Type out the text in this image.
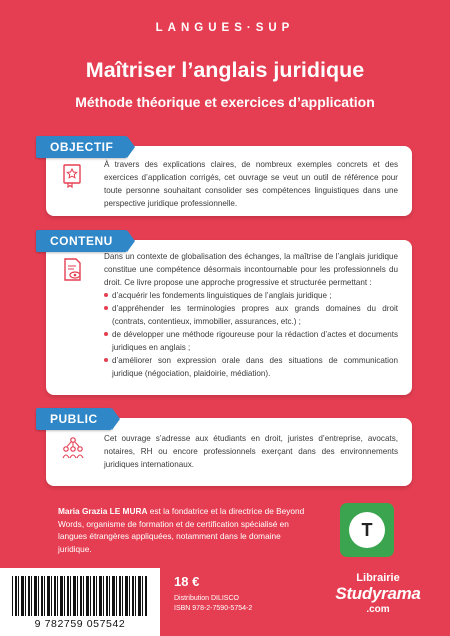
LANGUES·SUP
Maîtriser l’anglais juridique
Méthode théorique et exercices d’application
OBJECTIF
À travers des explications claires, de nombreux exemples concrets et des exercices d’application corrigés, cet ouvrage se veut un outil de référence pour toute personne souhaitant consolider ses compétences linguistiques dans une perspective juridique professionnelle.
CONTENU
Dans un contexte de globalisation des échanges, la maîtrise de l’anglais juridique constitue une compétence désormais incontournable pour les professionnels du droit. Ce livre propose une approche progressive et structurée permettant :
d’acquérir les fondements linguistiques de l’anglais juridique ;
d’appréhender les terminologies propres aux grands domaines du droit (contrats, contentieux, immobilier, assurances, etc.) ;
de développer une méthode rigoureuse pour la rédaction d’actes et documents juridiques en anglais ;
d’améliorer son expression orale dans des situations de communication juridique (négociation, plaidoirie, médiation).
PUBLIC
Cet ouvrage s’adresse aux étudiants en droit, juristes d’entreprise, avocats, notaires, RH ou encore professionnels exerçant dans des environnements juridiques internationaux.
Maria Grazia LE MURA est la fondatrice et la directrice de Beyond Words, organisme de formation et de certification spécialisé en langues étrangères appliquées, notamment dans le domaine juridique.
T
9 782759 057542
18 €
Distribution DILISCO
ISBN 978-2-7590-5754-2
Librairie
Studyrama
.com
